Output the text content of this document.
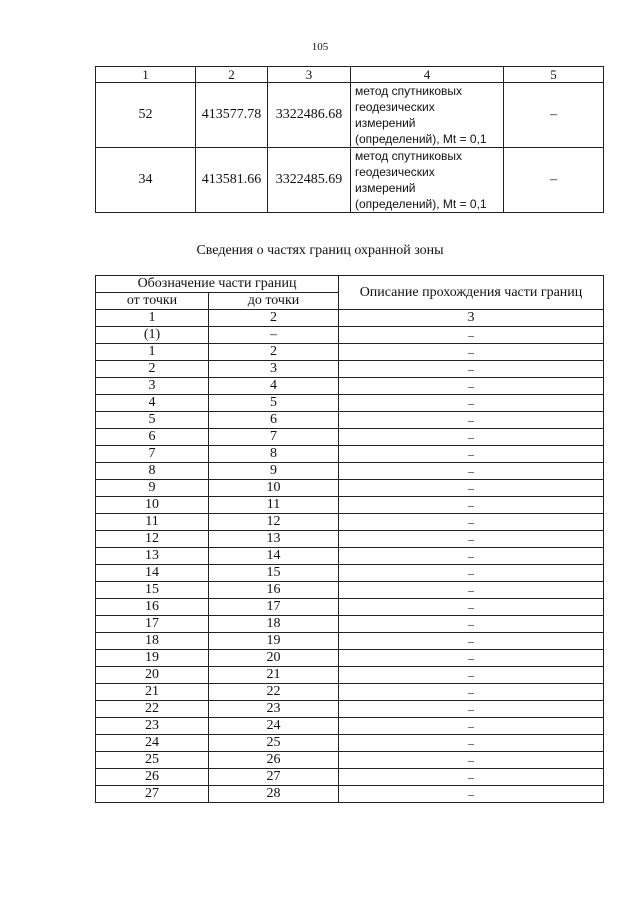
105
1	2	3	4	5
52	413577.78	3322486.68	метод спутниковых
геодезических
измерений
(определений), Mt = 0,1	–
34	413581.66	3322485.69	метод спутниковых
геодезических
измерений
(определений), Mt = 0,1	–
Сведения о частях границ охранной зоны
Обозначение части границ		Описание прохождения части границ
от точки	до точки	
1	2	3
(1)	–	–
1	2	–
2	3	–
3	4	–
4	5	–
5	6	–
6	7	–
7	8	–
8	9	–
9	10	–
10	11	–
11	12	–
12	13	–
13	14	–
14	15	–
15	16	–
16	17	–
17	18	–
18	19	–
19	20	–
20	21	–
21	22	–
22	23	–
23	24	–
24	25	–
25	26	–
26	27	–
27	28	–
